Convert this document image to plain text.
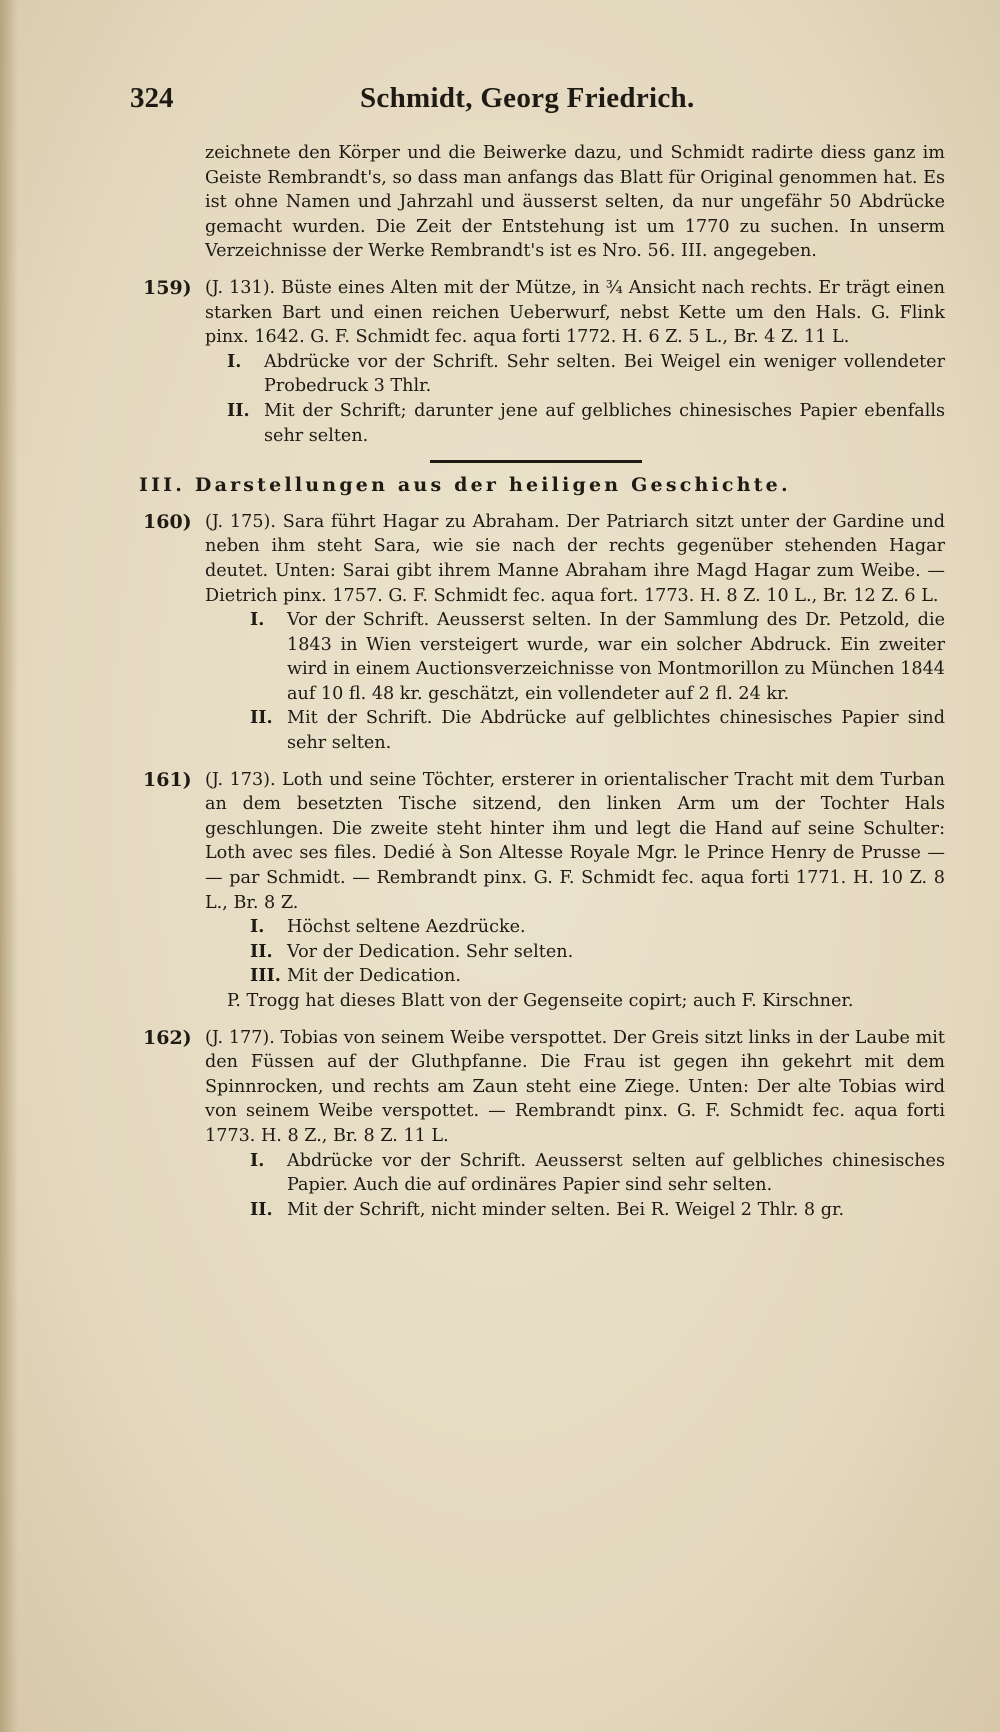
324	Schmidt, Georg Friedrich.
zeichnete den Körper und die Beiwerke dazu, und Schmidt radirte diess ganz im Geiste Rembrandt's, so dass man anfangs das Blatt für Original genommen hat. Es ist ohne Namen und Jahrzahl und äusserst selten, da nur ungefähr 50 Abdrücke gemacht wurden. Die Zeit der Entstehung ist um 1770 zu suchen. In unserm Verzeichnisse der Werke Rembrandt's ist es Nro. 56. III. angegeben.
159) (J. 131). Büste eines Alten mit der Mütze, in ¾ Ansicht nach rechts. Er trägt einen starken Bart und einen reichen Ueberwurf, nebst Kette um den Hals. G. Flink pinx. 1642. G. F. Schmidt fec. aqua forti 1772. H. 6 Z. 5 L., Br. 4 Z. 11 L.
I. Abdrücke vor der Schrift. Sehr selten. Bei Weigel ein weniger vollendeter Probedruck 3 Thlr.
II. Mit der Schrift; darunter jene auf gelbliches chinesisches Papier ebenfalls sehr selten.
III. Darstellungen aus der heiligen Geschichte.
160) (J. 175). Sara führt Hagar zu Abraham. Der Patriarch sitzt unter der Gardine und neben ihm steht Sara, wie sie nach der rechts gegenüber stehenden Hagar deutet. Unten: Sarai gibt ihrem Manne Abraham ihre Magd Hagar zum Weibe. — Dietrich pinx. 1757. G. F. Schmidt fec. aqua fort. 1773. H. 8 Z. 10 L., Br. 12 Z. 6 L.
I. Vor der Schrift. Aeusserst selten. In der Sammlung des Dr. Petzold, die 1843 in Wien versteigert wurde, war ein solcher Abdruck. Ein zweiter wird in einem Auctionsverzeichnisse von Montmorillon zu München 1844 auf 10 fl. 48 kr. geschätzt, ein vollendeter auf 2 fl. 24 kr.
II. Mit der Schrift. Die Abdrücke auf gelblichtes chinesisches Papier sind sehr selten.
161) (J. 173). Loth und seine Töchter, ersterer in orientalischer Tracht mit dem Turban an dem besetzten Tische sitzend, den linken Arm um der Tochter Hals geschlungen. Die zweite steht hinter ihm und legt die Hand auf seine Schulter: Loth avec ses files. Dedié à Son Altesse Royale Mgr. le Prince Henry de Prusse — — par Schmidt. — Rembrandt pinx. G. F. Schmidt fec. aqua forti 1771. H. 10 Z. 8 L., Br. 8 Z.
I. Höchst seltene Aezdrücke.
II. Vor der Dedication. Sehr selten.
III. Mit der Dedication.
P. Trogg hat dieses Blatt von der Gegenseite copirt; auch F. Kirschner.
162) (J. 177). Tobias von seinem Weibe verspottet. Der Greis sitzt links in der Laube mit den Füssen auf der Gluthpfanne. Die Frau ist gegen ihn gekehrt mit dem Spinnrocken, und rechts am Zaun steht eine Ziege. Unten: Der alte Tobias wird von seinem Weibe verspottet. — Rembrandt pinx. G. F. Schmidt fec. aqua forti 1773. H. 8 Z., Br. 8 Z. 11 L.
I. Abdrücke vor der Schrift. Aeusserst selten auf gelbliches chinesisches Papier. Auch die auf ordinäres Papier sind sehr selten.
II. Mit der Schrift, nicht minder selten. Bei R. Weigel 2 Thlr. 8 gr.
